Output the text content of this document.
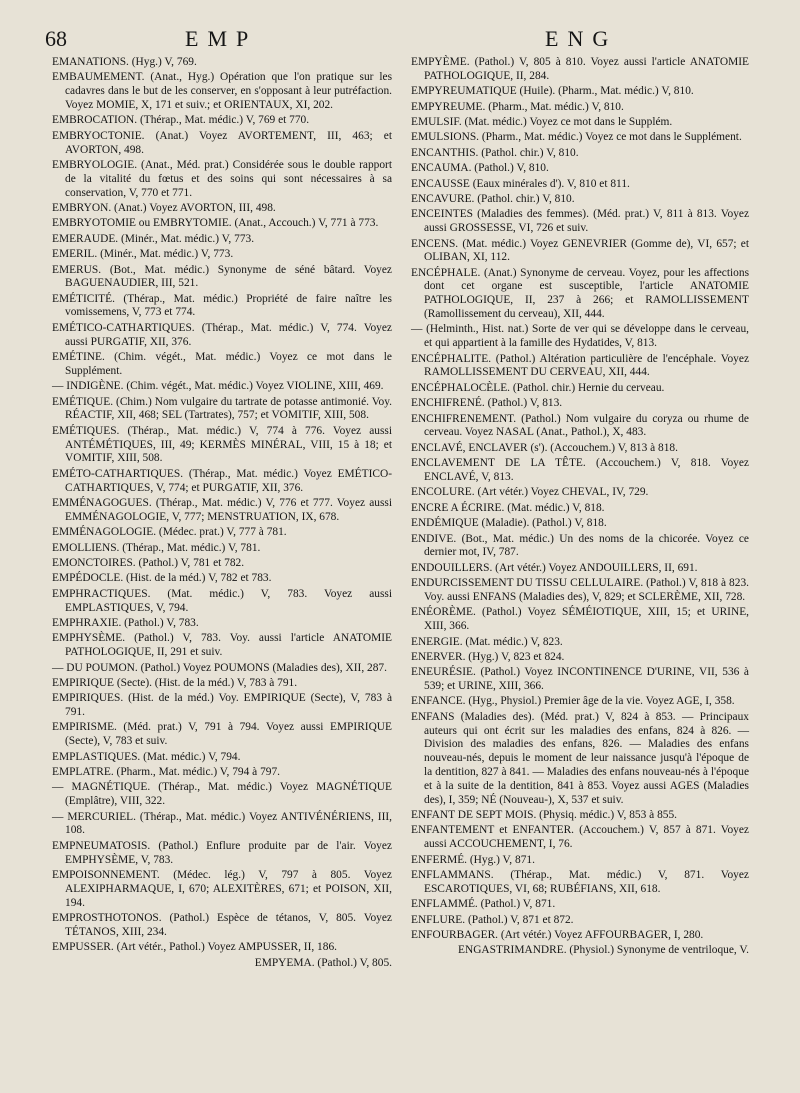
68	EMP	ENG

EMANATIONS. (Hyg.) V, 769.

EMBAUMEMENT. (Anat., Hyg.) Opération que l'on pratique sur les cadavres dans le but de les conserver, en s'opposant à leur putréfaction. Voyez MOMIE, X, 171 et suiv.; et ORIENTAUX, XI, 202.

EMBROCATION. (Thérap., Mat. médic.) V, 769 et 770.

EMBRYOCTONIE. (Anat.) Voyez AVORTEMENT, III, 463; et AVORTON, 498.

EMBRYOLOGIE. (Anat., Méd. prat.) Considérée sous le double rapport de la vitalité du fœtus et des soins qui sont nécessaires à sa conservation, V, 770 et 771.

EMBRYON. (Anat.) Voyez AVORTON, III, 498.

EMBRYOTOMIE ou EMBRYTOMIE. (Anat., Accouch.) V, 771 à 773.

EMERAUDE. (Minér., Mat. médic.) V, 773.

EMERIL. (Minér., Mat. médic.) V, 773.

EMERUS. (Bot., Mat. médic.) Synonyme de séné bâtard. Voyez BAGUENAUDIER, III, 521.

EMÉTICITÉ. (Thérap., Mat. médic.) Propriété de faire naître les vomissemens, V, 773 et 774.

EMÉTICO-CATHARTIQUES. (Thérap., Mat. médic.) V, 774. Voyez aussi PURGATIF, XII, 376.

EMÉTINE. (Chim. végét., Mat. médic.) Voyez ce mot dans le Supplément.

— INDIGÈNE. (Chim. végét., Mat. médic.) Voyez VIOLINE, XIII, 469.

EMÉTIQUE. (Chim.) Nom vulgaire du tartrate de potasse antimonié. Voy. RÉACTIF, XII, 468; SEL (Tartrates), 757; et VOMITIF, XIII, 508.

EMÉTIQUES. (Thérap., Mat. médic.) V, 774 à 776. Voyez aussi ANTÉMÉTIQUES, III, 49; KERMÈS MINÉRAL, VIII, 15 à 18; et VOMITIF, XIII, 508.

EMÉTO-CATHARTIQUES. (Thérap., Mat. médic.) Voyez EMÉTICO-CATHARTIQUES, V, 774; et PURGATIF, XII, 376.

EMMÉNAGOGUES. (Thérap., Mat. médic.) V, 776 et 777. Voyez aussi EMMÉNAGOLOGIE, V, 777; MENSTRUATION, IX, 678.

EMMÉNAGOLOGIE. (Médec. prat.) V, 777 à 781.

EMOLLIENS. (Thérap., Mat. médic.) V, 781.

EMONCTOIRES. (Pathol.) V, 781 et 782.

EMPÉDOCLE. (Hist. de la méd.) V, 782 et 783.

EMPHRACTIQUES. (Mat. médic.) V, 783. Voyez aussi EMPLASTIQUES, V, 794.

EMPHRAXIE. (Pathol.) V, 783.

EMPHYSÈME. (Pathol.) V, 783. Voy. aussi l'article ANATOMIE PATHOLOGIQUE, II, 291 et suiv.

— DU POUMON. (Pathol.) Voyez POUMONS (Maladies des), XII, 287.

EMPIRIQUE (Secte). (Hist. de la méd.) V, 783 à 791.

EMPIRIQUES. (Hist. de la méd.) Voy. EMPIRIQUE (Secte), V, 783 à 791.

EMPIRISME. (Méd. prat.) V, 791 à 794. Voyez aussi EMPIRIQUE (Secte), V, 783 et suiv.

EMPLASTIQUES. (Mat. médic.) V, 794.

EMPLATRE. (Pharm., Mat. médic.) V, 794 à 797.

— MAGNÉTIQUE. (Thérap., Mat. médic.) Voyez MAGNÉTIQUE (Emplâtre), VIII, 322.

— MERCURIEL. (Thérap., Mat. médic.) Voyez ANTIVÉNÉRIENS, III, 108.

EMPNEUMATOSIS. (Pathol.) Enflure produite par de l'air. Voyez EMPHYSÈME, V, 783.

EMPOISONNEMENT. (Médec. lég.) V, 797 à 805. Voyez ALEXIPHARMAQUE, I, 670; ALEXITÈRES, 671; et POISON, XII, 194.

EMPROSTHOTONOS. (Pathol.) Espèce de tétanos, V, 805. Voyez TÉTANOS, XIII, 234.

EMPUSSER. (Art vétér., Pathol.) Voyez AMPUSSER, II, 186.

EMPYEMA. (Pathol.) V, 805.

EMPYÈME. (Pathol.) V, 805 à 810. Voyez aussi l'article ANATOMIE PATHOLOGIQUE, II, 284.

EMPYREUMATIQUE (Huile). (Pharm., Mat. médic.) V, 810.

EMPYREUME. (Pharm., Mat. médic.) V, 810.

EMULSIF. (Mat. médic.) Voyez ce mot dans le Supplém.

EMULSIONS. (Pharm., Mat. médic.) Voyez ce mot dans le Supplément.

ENCANTHIS. (Pathol. chir.) V, 810.

ENCAUMA. (Pathol.) V, 810.

ENCAUSSE (Eaux minérales d'). V, 810 et 811.

ENCAVURE. (Pathol. chir.) V, 810.

ENCEINTES (Maladies des femmes). (Méd. prat.) V, 811 à 813. Voyez aussi GROSSESSE, VI, 726 et suiv.

ENCENS. (Mat. médic.) Voyez GENEVRIER (Gomme de), VI, 657; et OLIBAN, XI, 112.

ENCÉPHALE. (Anat.) Synonyme de cerveau. Voyez, pour les affections dont cet organe est susceptible, l'article ANATOMIE PATHOLOGIQUE, II, 237 à 266; et RAMOLLISSEMENT (Ramollissement du cerveau), XII, 444.

— (Helminth., Hist. nat.) Sorte de ver qui se développe dans le cerveau, et qui appartient à la famille des Hydatides, V, 813.

ENCÉPHALITE. (Pathol.) Altération particulière de l'encéphale. Voyez RAMOLLISSEMENT DU CERVEAU, XII, 444.

ENCÉPHALOCÈLE. (Pathol. chir.) Hernie du cerveau.

ENCHIFRENÉ. (Pathol.) V, 813.

ENCHIFRENEMENT. (Pathol.) Nom vulgaire du coryza ou rhume de cerveau. Voyez NASAL (Anat., Pathol.), X, 483.

ENCLAVÉ, ENCLAVER (s'). (Accouchem.) V, 813 à 818.

ENCLAVEMENT DE LA TÊTE. (Accouchem.) V, 818. Voyez ENCLAVÉ, V, 813.

ENCOLURE. (Art vétér.) Voyez CHEVAL, IV, 729.

ENCRE A ÉCRIRE. (Mat. médic.) V, 818.

ENDÉMIQUE (Maladie). (Pathol.) V, 818.

ENDIVE. (Bot., Mat. médic.) Un des noms de la chicorée. Voyez ce dernier mot, IV, 787.

ENDOUILLERS. (Art vétér.) Voyez ANDOUILLERS, II, 691.

ENDURCISSEMENT DU TISSU CELLULAIRE. (Pathol.) V, 818 à 823. Voy. aussi ENFANS (Maladies des), V, 829; et SCLERÈME, XII, 728.

ENÉORÈME. (Pathol.) Voyez SÉMÉIOTIQUE, XIII, 15; et URINE, XIII, 366.

ENERGIE. (Mat. médic.) V, 823.

ENERVER. (Hyg.) V, 823 et 824.

ENEURÉSIE. (Pathol.) Voyez INCONTINENCE D'URINE, VII, 536 à 539; et URINE, XIII, 366.

ENFANCE. (Hyg., Physiol.) Premier âge de la vie. Voyez AGE, I, 358.

ENFANS (Maladies des). (Méd. prat.) V, 824 à 853. — Principaux auteurs qui ont écrit sur les maladies des enfans, 824 à 826. — Division des maladies des enfans, 826. — Maladies des enfans nouveau-nés, depuis le moment de leur naissance jusqu'à l'époque de la dentition, 827 à 841. — Maladies des enfans nouveau-nés à l'époque et à la suite de la dentition, 841 à 853. Voyez aussi AGES (Maladies des), I, 359; NÉ (Nouveau-), X, 537 et suiv.

ENFANT DE SEPT MOIS. (Physiq. médic.) V, 853 à 855.

ENFANTEMENT et ENFANTER. (Accouchem.) V, 857 à 871. Voyez aussi ACCOUCHEMENT, I, 76.

ENFERMÉ. (Hyg.) V, 871.

ENFLAMMANS. (Thérap., Mat. médic.) V, 871. Voyez ESCAROTIQUES, VI, 68; RUBÉFIANS, XII, 618.

ENFLAMMÉ. (Pathol.) V, 871.

ENFLURE. (Pathol.) V, 871 et 872.

ENFOURBAGER. (Art vétér.) Voyez AFFOURBAGER, I, 280.

ENGASTRIMANDRE. (Physiol.) Synonyme de ventriloque, V.
